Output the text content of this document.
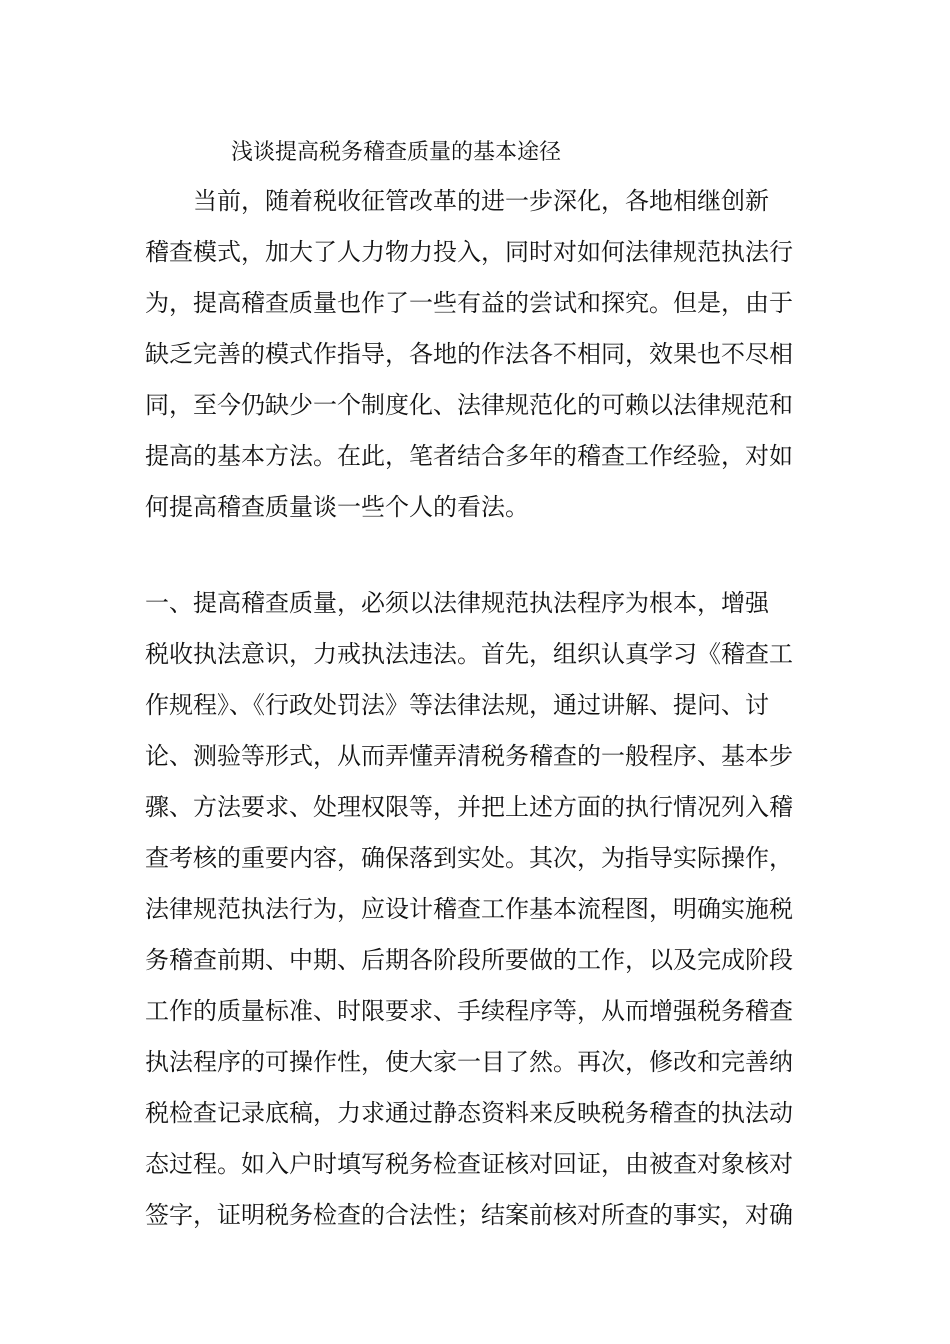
浅谈提高税务稽查质量的基本途径
　　当前，随着税收征管改革的进一步深化，各地相继创新
稽查模式，加大了人力物力投入，同时对如何法律规范执法行
为，提高稽查质量也作了一些有益的尝试和探究。但是，由于
缺乏完善的模式作指导，各地的作法各不相同，效果也不尽相
同，至今仍缺少一个制度化、法律规范化的可赖以法律规范和
提高的基本方法。在此，笔者结合多年的稽查工作经验，对如
何提高稽查质量谈一些个人的看法。
一、提高稽查质量，必须以法律规范执法程序为根本，增强
税收执法意识，力戒执法违法。首先，组织认真学习《稽查工
作规程》、《行政处罚法》等法律法规，通过讲解、提问、讨
论、测验等形式，从而弄懂弄清税务稽查的一般程序、基本步
骤、方法要求、处理权限等，并把上述方面的执行情况列入稽
查考核的重要内容，确保落到实处。其次，为指导实际操作，
法律规范执法行为，应设计稽查工作基本流程图，明确实施税
务稽查前期、中期、后期各阶段所要做的工作，以及完成阶段
工作的质量标准、时限要求、手续程序等，从而增强税务稽查
执法程序的可操作性，使大家一目了然。再次，修改和完善纳
税检查记录底稿，力求通过静态资料来反映税务稽查的执法动
态过程。如入户时填写税务检查证核对回证，由被查对象核对
签字，证明税务检查的合法性；结案前核对所查的事实，对确
